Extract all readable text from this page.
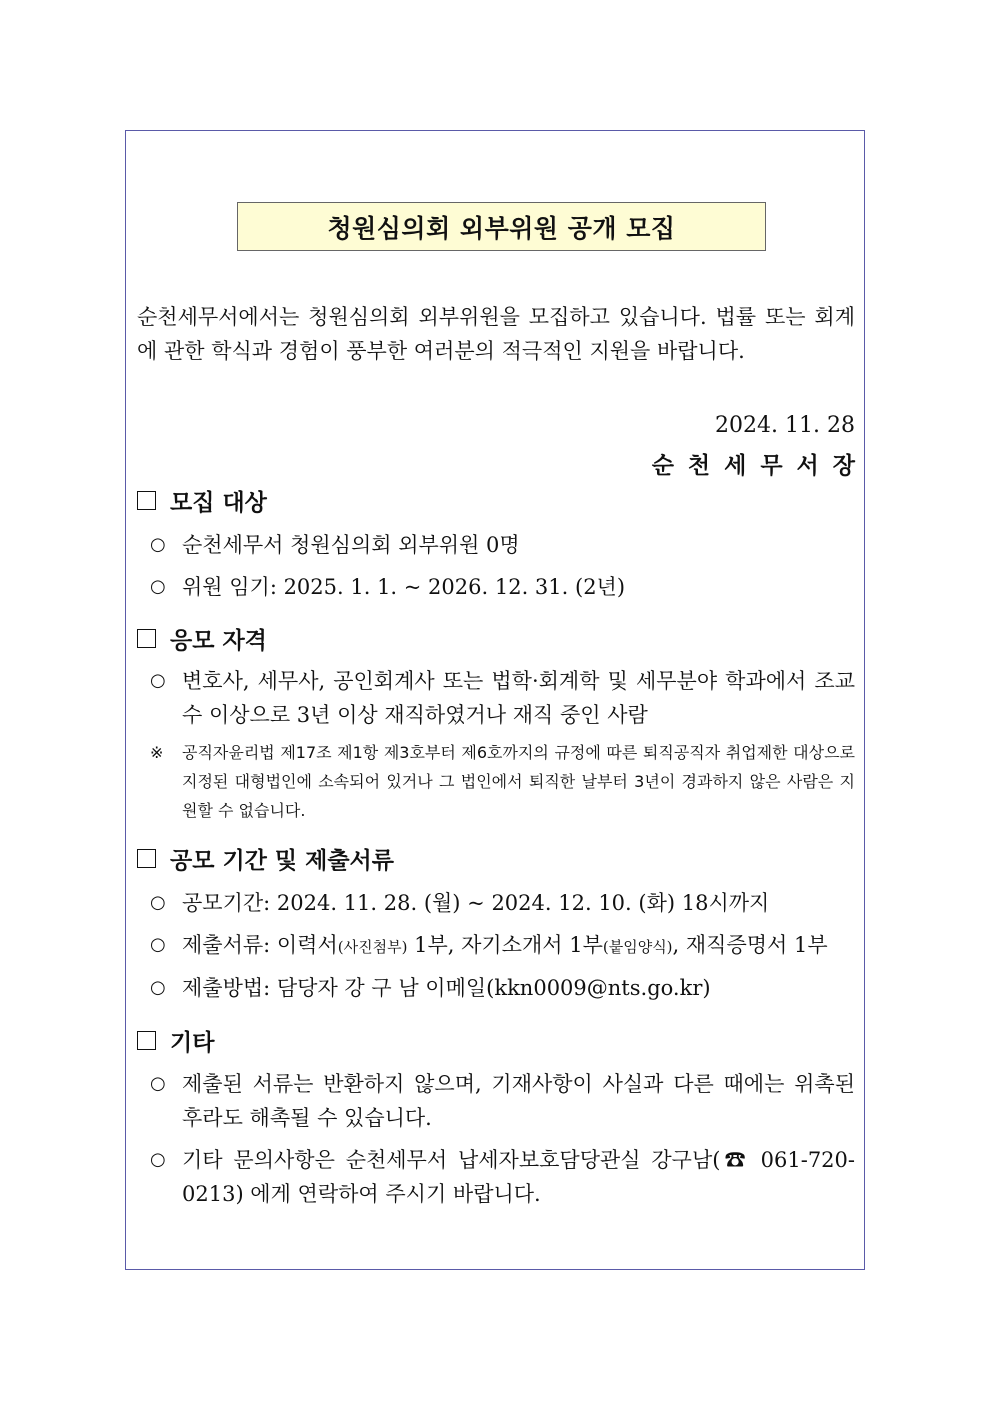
청원심의회 외부위원 공개 모집
순천세무서에서는 청원심의회 외부위원을 모집하고 있습니다. 법률 또는 회계에 관한 학식과 경험이 풍부한 여러분의 적극적인 지원을 바랍니다.
2024. 11. 28
순천세무서장
모집 대상
○ 순천세무서 청원심의회 외부위원 0명
○ 위원 임기: 2025. 1. 1. ~ 2026. 12. 31. (2년)
응모 자격
○ 변호사, 세무사, 공인회계사 또는 법학·회계학 및 세무분야 학과에서 조교수 이상으로 3년 이상 재직하였거나 재직 중인 사람
※ 공직자윤리법 제17조 제1항 제3호부터 제6호까지의 규정에 따른 퇴직공직자 취업제한 대상으로 지정된 대형법인에 소속되어 있거나 그 법인에서 퇴직한 날부터 3년이 경과하지 않은 사람은 지원할 수 없습니다.
공모 기간 및 제출서류
○ 공모기간: 2024. 11. 28. (월) ~ 2024. 12. 10. (화) 18시까지
○ 제출서류: 이력서(사진첨부) 1부, 자기소개서 1부(붙임양식), 재직증명서 1부
○ 제출방법: 담당자 강 구 남 이메일(kkn0009@nts.go.kr)
기타
○ 제출된 서류는 반환하지 않으며, 기재사항이 사실과 다른 때에는 위촉된 후라도 해촉될 수 있습니다.
○ 기타 문의사항은 순천세무서 납세자보호담당관실 강구남(☎ 061-720-0213) 에게 연락하여 주시기 바랍니다.
